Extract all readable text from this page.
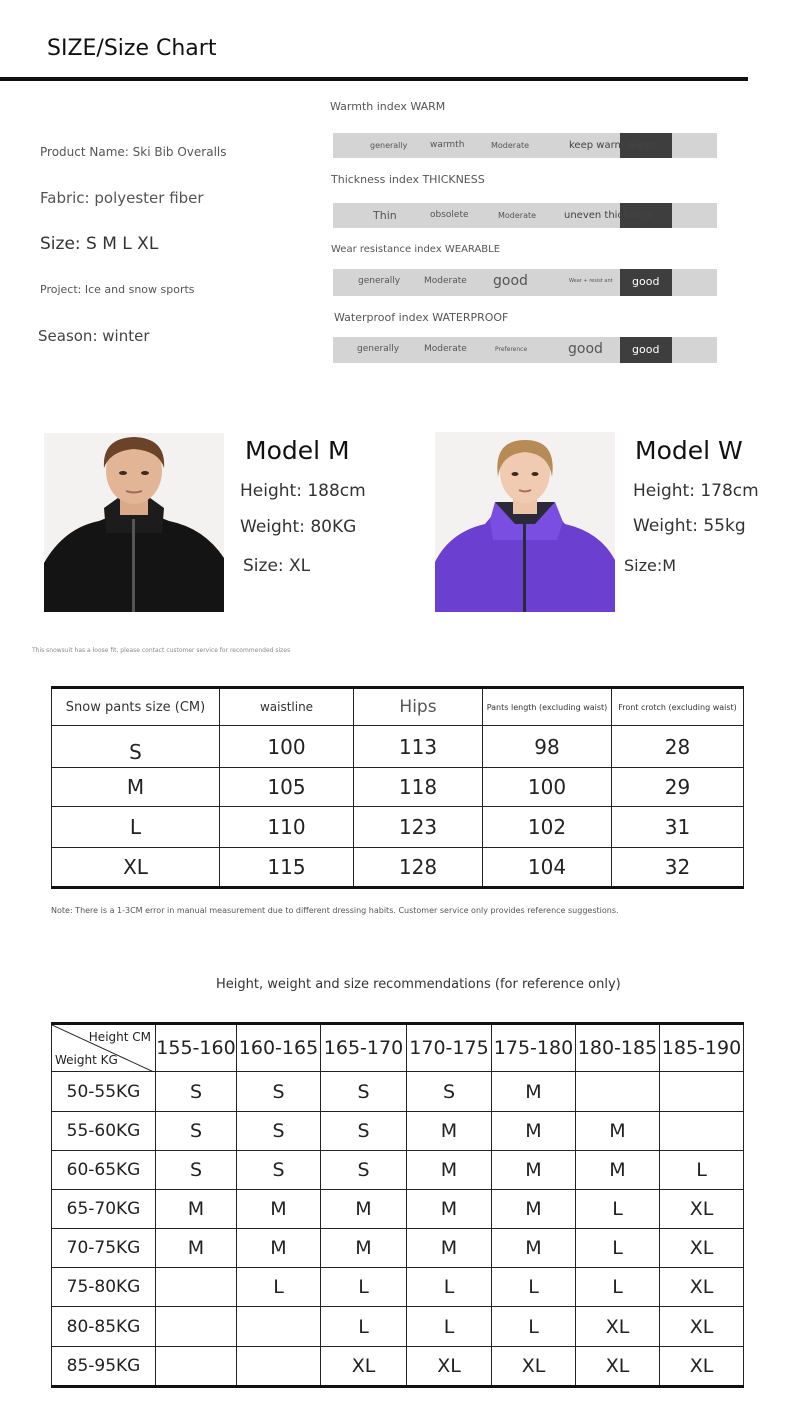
SIZE/Size Chart
Product Name: Ski Bib Overalls
Fabric: polyester fiber
Size: S M L XL
Project: Ice and snow sports
Season: winter
Warmth index WARM
generally	warmth	Moderate	keep warm warm
Thickness index THICKNESS
Thin	obsolete	Moderate	uneven thickness
Wear resistance index WEARABLE
generally	Moderate good	Wear + resist ant good
Waterproof index WATERPROOF
generally	Moderate	Preference	good	good
Model M
Height: 188cm
Weight: 80KG
Size: XL
Model W
Height: 178cm
Weight: 55kg
Size:M
This snowsuit has a loose fit, please contact customer service for recommended sizes
Snow pants size (CM)	waistline	Hips	Pants length (excluding waist)	Front crotch (excluding waist)
S	100	113	98	28
M	105	118	100	29
L	110	123	102	31
XL	115	128	104	32
Note: There is a 1-3CM error in manual measurement due to different dressing habits. Customer service only provides reference suggestions.
Height, weight and size recommendations (for reference only)
Height CM
Weight KG	155-160	160-165	165-170	170-175	175-180	180-185	185-190
50-55KG	S	S	S	S	M		
55-60KG	S	S	S	M	M	M	
60-65KG	S	S	S	M	M	M	L
65-70KG	M	M	M	M	M	L	XL
70-75KG	M	M	M	M	M	L	XL
75-80KG		L	L	L	L	L	XL
80-85KG			L	L	L	XL	XL
85-95KG			XL	XL	XL	XL	XL
